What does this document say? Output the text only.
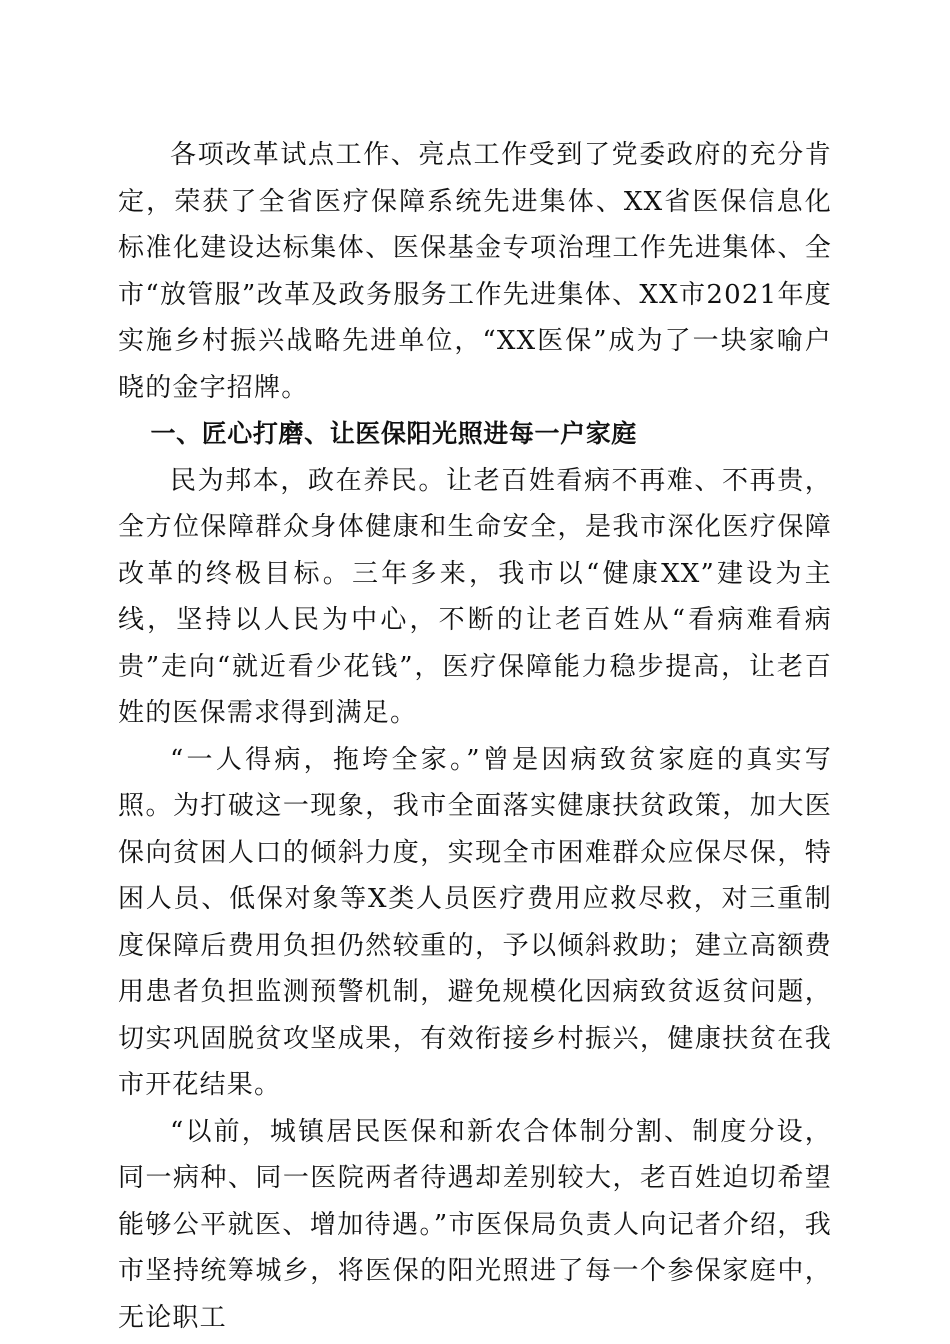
各项改革试点工作、亮点工作受到了党委政府的充分肯定，荣获了全省医疗保障系统先进集体、XX省医保信息化标准化建设达标集体、医保基金专项治理工作先进集体、全市“放管服”改革及政务服务工作先进集体、XX市2021年度实施乡村振兴战略先进单位，“XX医保”成为了一块家喻户晓的金字招牌。

一、匠心打磨、让医保阳光照进每一户家庭

民为邦本，政在养民。让老百姓看病不再难、不再贵，全方位保障群众身体健康和生命安全，是我市深化医疗保障改革的终极目标。三年多来，我市以“健康XX”建设为主线，坚持以人民为中心，不断的让老百姓从“看病难看病贵”走向“就近看少花钱”，医疗保障能力稳步提高，让老百姓的医保需求得到满足。

“一人得病，拖垮全家。”曾是因病致贫家庭的真实写照。为打破这一现象，我市全面落实健康扶贫政策，加大医保向贫困人口的倾斜力度，实现全市困难群众应保尽保，特困人员、低保对象等X类人员医疗费用应救尽救，对三重制度保障后费用负担仍然较重的，予以倾斜救助；建立高额费用患者负担监测预警机制，避免规模化因病致贫返贫问题，切实巩固脱贫攻坚成果，有效衔接乡村振兴，健康扶贫在我市开花结果。

“以前，城镇居民医保和新农合体制分割、制度分设，同一病种、同一医院两者待遇却差别较大，老百姓迫切希望能够公平就医、增加待遇。”市医保局负责人向记者介绍，我市坚持统筹城乡，将医保的阳光照进了每一个参保家庭中，无论职工
